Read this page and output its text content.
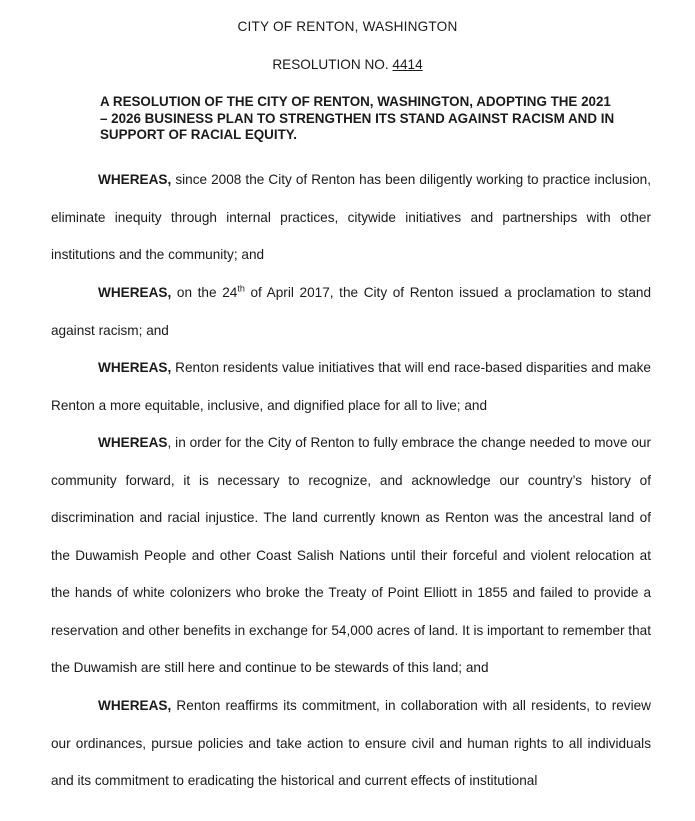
CITY OF RENTON, WASHINGTON
RESOLUTION NO. 4414
A RESOLUTION OF THE CITY OF RENTON, WASHINGTON, ADOPTING THE 2021 – 2026 BUSINESS PLAN TO STRENGTHEN ITS STAND AGAINST RACISM AND IN SUPPORT OF RACIAL EQUITY.
WHEREAS, since 2008 the City of Renton has been diligently working to practice inclusion, eliminate inequity through internal practices, citywide initiatives and partnerships with other institutions and the community; and
WHEREAS, on the 24th of April 2017, the City of Renton issued a proclamation to stand against racism; and
WHEREAS, Renton residents value initiatives that will end race-based disparities and make Renton a more equitable, inclusive, and dignified place for all to live; and
WHEREAS, in order for the City of Renton to fully embrace the change needed to move our community forward, it is necessary to recognize, and acknowledge our country’s history of discrimination and racial injustice. The land currently known as Renton was the ancestral land of the Duwamish People and other Coast Salish Nations until their forceful and violent relocation at the hands of white colonizers who broke the Treaty of Point Elliott in 1855 and failed to provide a reservation and other benefits in exchange for 54,000 acres of land. It is important to remember that the Duwamish are still here and continue to be stewards of this land; and
WHEREAS, Renton reaffirms its commitment, in collaboration with all residents, to review our ordinances, pursue policies and take action to ensure civil and human rights to all individuals and its commitment to eradicating the historical and current effects of institutional
